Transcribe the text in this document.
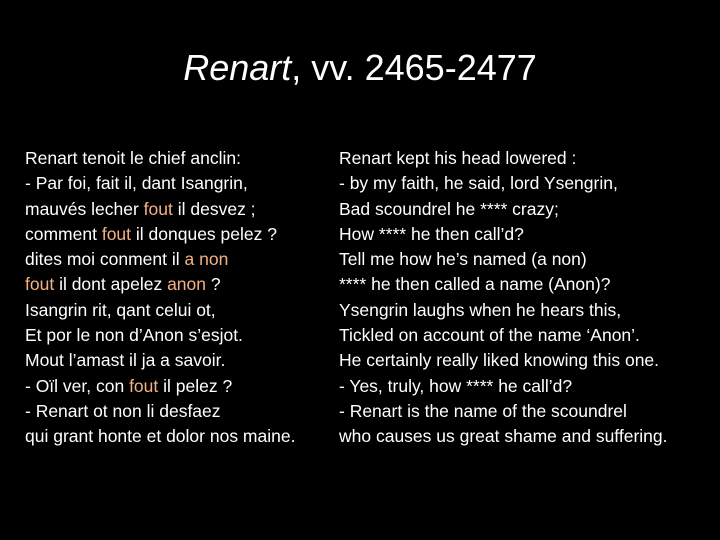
Renart, vv. 2465-2477
Renart tenoit le chief anclin:
- Par foi, fait il, dant Isangrin,
mauvés lecher fout il desvez ;
comment fout il donques pelez ?
dites moi conment il a non
fout il dont apelez anon ?
Isangrin rit, qant celui ot,
Et por le non d’Anon s’esjot.
Mout l’amast il ja a savoir.
- Oïl ver, con fout il pelez ?
- Renart ot non li desfaez
qui grant honte et dolor nos maine.
Renart kept his head lowered :
- by my faith, he said, lord Ysengrin,
Bad scoundrel he **** crazy;
How **** he then call’d?
Tell me how he’s named (a non)
**** he then called a name (Anon)?
Ysengrin laughs when he hears this,
Tickled on account of the name ‘Anon’.
He certainly really liked knowing this one.
- Yes, truly, how **** he call’d?
- Renart is the name of the scoundrel
who causes us great shame and suffering.
